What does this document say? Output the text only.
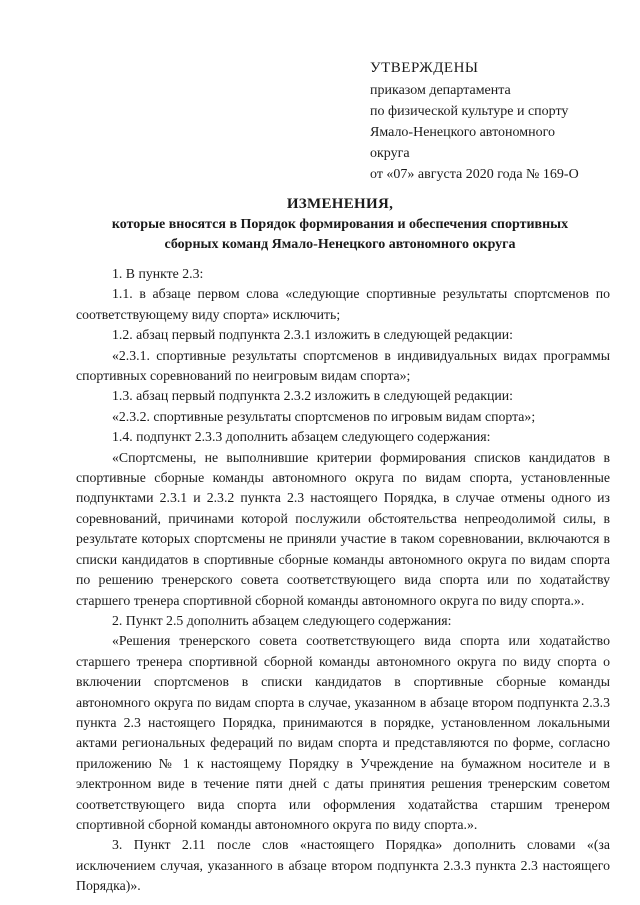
УТВЕРЖДЕНЫ
приказом департамента
по физической культуре и спорту
Ямало-Ненецкого автономного
округа
от «07» августа 2020 года № 169-О
ИЗМЕНЕНИЯ,
которые вносятся в Порядок формирования и обеспечения спортивных
сборных команд Ямало-Ненецкого автономного округа

1. В пункте 2.3:

1.1. в абзаце первом слова «следующие спортивные результаты спортсменов по соответствующему виду спорта» исключить;

1.2. абзац первый подпункта 2.3.1 изложить в следующей редакции:

«2.3.1. спортивные результаты спортсменов в индивидуальных видах программы спортивных соревнований по неигровым видам спорта»;

1.3. абзац первый подпункта 2.3.2 изложить в следующей редакции:

«2.3.2. спортивные результаты спортсменов по игровым видам спорта»;

1.4. подпункт 2.3.3 дополнить абзацем следующего содержания:

«Спортсмены, не выполнившие критерии формирования списков кандидатов в спортивные сборные команды автономного округа по видам спорта, установленные подпунктами 2.3.1 и 2.3.2 пункта 2.3 настоящего Порядка, в случае отмены одного из соревнований, причинами которой послужили обстоятельства непреодолимой силы, в результате которых спортсмены не приняли участие в таком соревновании, включаются в списки кандидатов в спортивные сборные команды автономного округа по видам спорта по решению тренерского совета соответствующего вида спорта или по ходатайству старшего тренера спортивной сборной команды автономного округа по виду спорта.».

2. Пункт 2.5 дополнить абзацем следующего содержания:

«Решения тренерского совета соответствующего вида спорта или ходатайство старшего тренера спортивной сборной команды автономного округа по виду спорта о включении спортсменов в списки кандидатов в спортивные сборные команды автономного округа по видам спорта в случае, указанном в абзаце втором подпункта 2.3.3 пункта 2.3 настоящего Порядка, принимаются в порядке, установленном локальными актами региональных федераций по видам спорта и представляются по форме, согласно приложению № 1 к настоящему Порядку в Учреждение на бумажном носителе и в электронном виде в течение пяти дней с даты принятия решения тренерским советом соответствующего вида спорта или оформления ходатайства старшим тренером спортивной сборной команды автономного округа по виду спорта.».

3. Пункт 2.11 после слов «настоящего Порядка» дополнить словами «(за исключением случая, указанного в абзаце втором подпункта 2.3.3 пункта 2.3 настоящего Порядка)».
